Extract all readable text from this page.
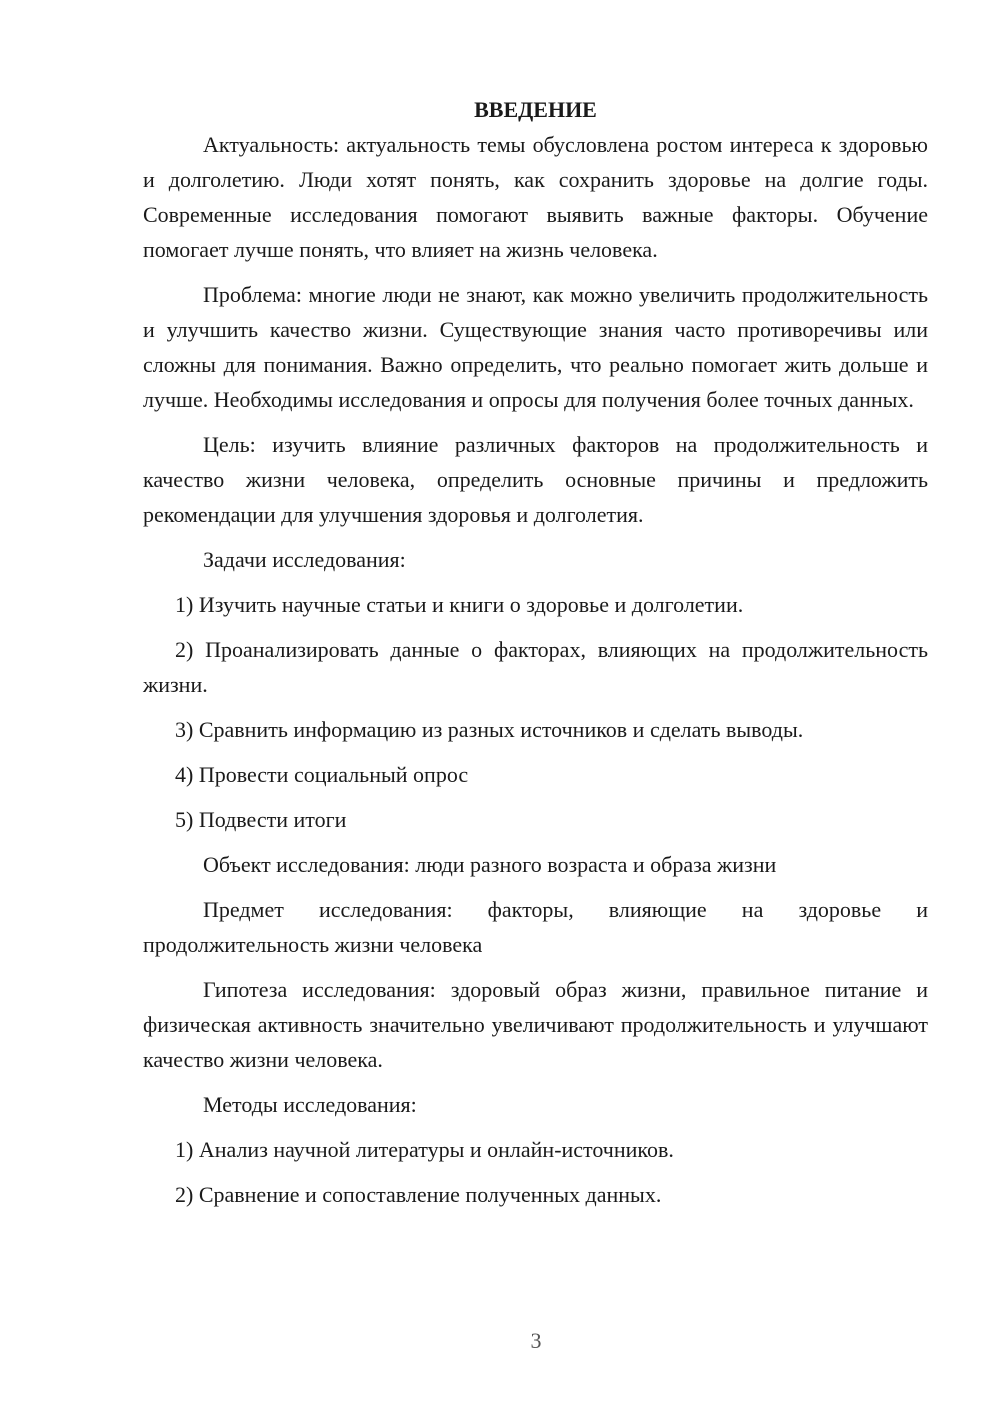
ВВЕДЕНИЕ

Актуальность: актуальность темы обусловлена ростом интереса к здоровью и долголетию. Люди хотят понять, как сохранить здоровье на долгие годы. Современные исследования помогают выявить важные факторы. Обучение помогает лучше понять, что влияет на жизнь человека.

Проблема: многие люди не знают, как можно увеличить продолжительность и улучшить качество жизни. Существующие знания часто противоречивы или сложны для понимания. Важно определить, что реально помогает жить дольше и лучше. Необходимы исследования и опросы для получения более точных данных.

Цель: изучить влияние различных факторов на продолжительность и качество жизни человека, определить основные причины и предложить рекомендации для улучшения здоровья и долголетия.

Задачи исследования:

1) Изучить научные статьи и книги о здоровье и долголетии.

2) Проанализировать данные о факторах, влияющих на продолжительность жизни.

3) Сравнить информацию из разных источников и сделать выводы.

4) Провести социальный опрос

5) Подвести итоги

Объект исследования: люди разного возраста и образа жизни

Предмет исследования: факторы, влияющие на здоровье и продолжительность жизни человека

Гипотеза исследования: здоровый образ жизни, правильное питание и физическая активность значительно увеличивают продолжительность и улучшают качество жизни человека.

Методы исследования:

1) Анализ научной литературы и онлайн-источников.

2) Сравнение и сопоставление полученных данных.

3
